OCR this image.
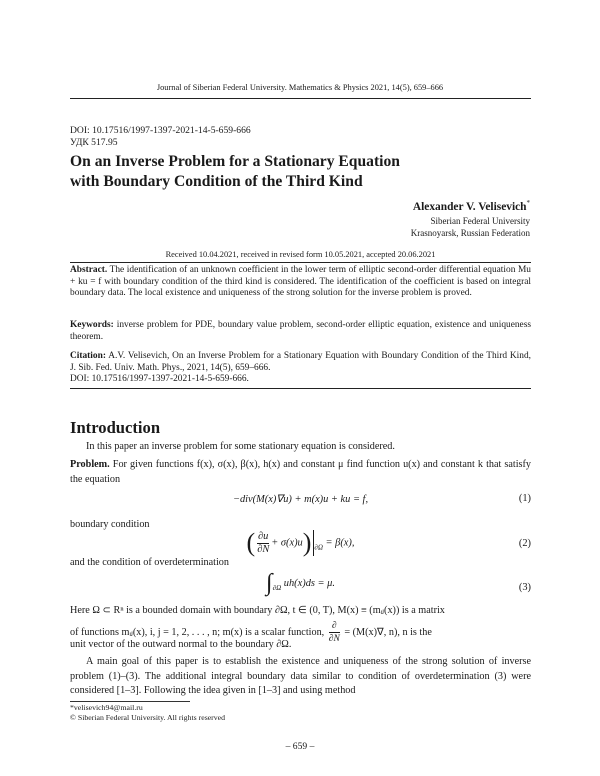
Journal of Siberian Federal University. Mathematics & Physics 2021, 14(5), 659–666
DOI: 10.17516/1997-1397-2021-14-5-659-666
УДК 517.95
On an Inverse Problem for a Stationary Equation
with Boundary Condition of the Third Kind
Alexander V. Velisevich*
Siberian Federal University
Krasnoyarsk, Russian Federation
Received 10.04.2021, received in revised form 10.05.2021, accepted 20.06.2021
Abstract. The identification of an unknown coefficient in the lower term of elliptic second-order differential equation Mu + ku = f with boundary condition of the third kind is considered. The identification of the coefficient is based on integral boundary data. The local existence and uniqueness of the strong solution for the inverse problem is proved.
Keywords: inverse problem for PDE, boundary value problem, second-order elliptic equation, existence and uniqueness theorem.
Citation: A.V. Velisevich, On an Inverse Problem for a Stationary Equation with Boundary Condition of the Third Kind, J. Sib. Fed. Univ. Math. Phys., 2021, 14(5), 659–666.
DOI: 10.17516/1997-1397-2021-14-5-659-666.
Introduction
In this paper an inverse problem for some stationary equation is considered.
Problem. For given functions f(x), σ(x), β(x), h(x) and constant μ find function u(x) and constant k that satisfy the equation
−div(M(x)∇u) + m(x)u + ku = f,	(1)
boundary condition
( $\frac{\partial u}{\partial N} + \sigma(x)u$) $_{\partial\Omega}$ = β(x),	(2)
and the condition of overdetermination
$\int_{\partial\Omega}$ uh(x)ds = μ.	(3)
Here Ω ⊂ Rⁿ is a bounded domain with boundary ∂Ω, t ∈ (0, T), M(x) ≡ (mᵢⱼ(x)) is a matrix
of functions mᵢⱼ(x), i, j = 1, 2, . . . , n; m(x) is a scalar function, $\frac{\partial}{\partial N} = (M(x)\nabla$, n), n is the
unit vector of the outward normal to the boundary ∂Ω.
A main goal of this paper is to establish the existence and uniqueness of the strong solution of inverse problem (1)–(3). The additional integral boundary data similar to condition of overdetermination (3) were considered [1–3]. Following the idea given in [1–3] and using method
*velisevich94@mail.ru
© Siberian Federal University. All rights reserved
– 659 –
